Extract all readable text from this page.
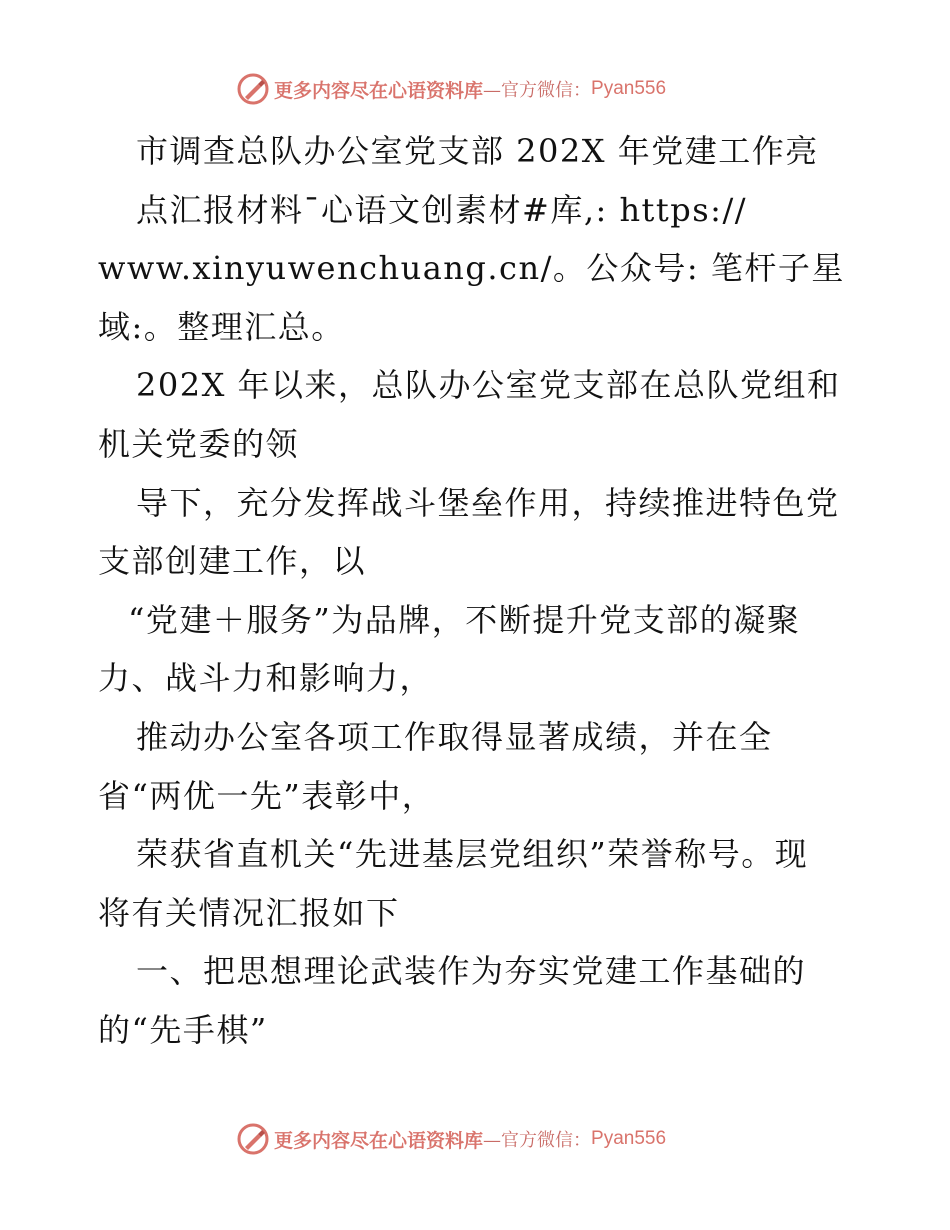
更多内容尽在心语资料库 —官方微信： Pyan556
市调查总队办公室党支部 202X 年党建工作亮
点汇报材料¯心语文创素材#库,: https://
www.xinyuwenchuang.cn/。公众号: 笔杆子星
域:。整理汇总。
202X 年以来，总队办公室党支部在总队党组和
机关党委的领
导下，充分发挥战斗堡垒作用，持续推进特色党
支部创建工作，以
“党建＋服务”为品牌，不断提升党支部的凝聚
力、战斗力和影响力，
推动办公室各项工作取得显著成绩，并在全
省“两优一先”表彰中，
荣获省直机关“先进基层党组织”荣誉称号。现
将有关情况汇报如下
一、把思想理论武装作为夯实党建工作基础的
的“先手棋”
更多内容尽在心语资料库 —官方微信： Pyan556
